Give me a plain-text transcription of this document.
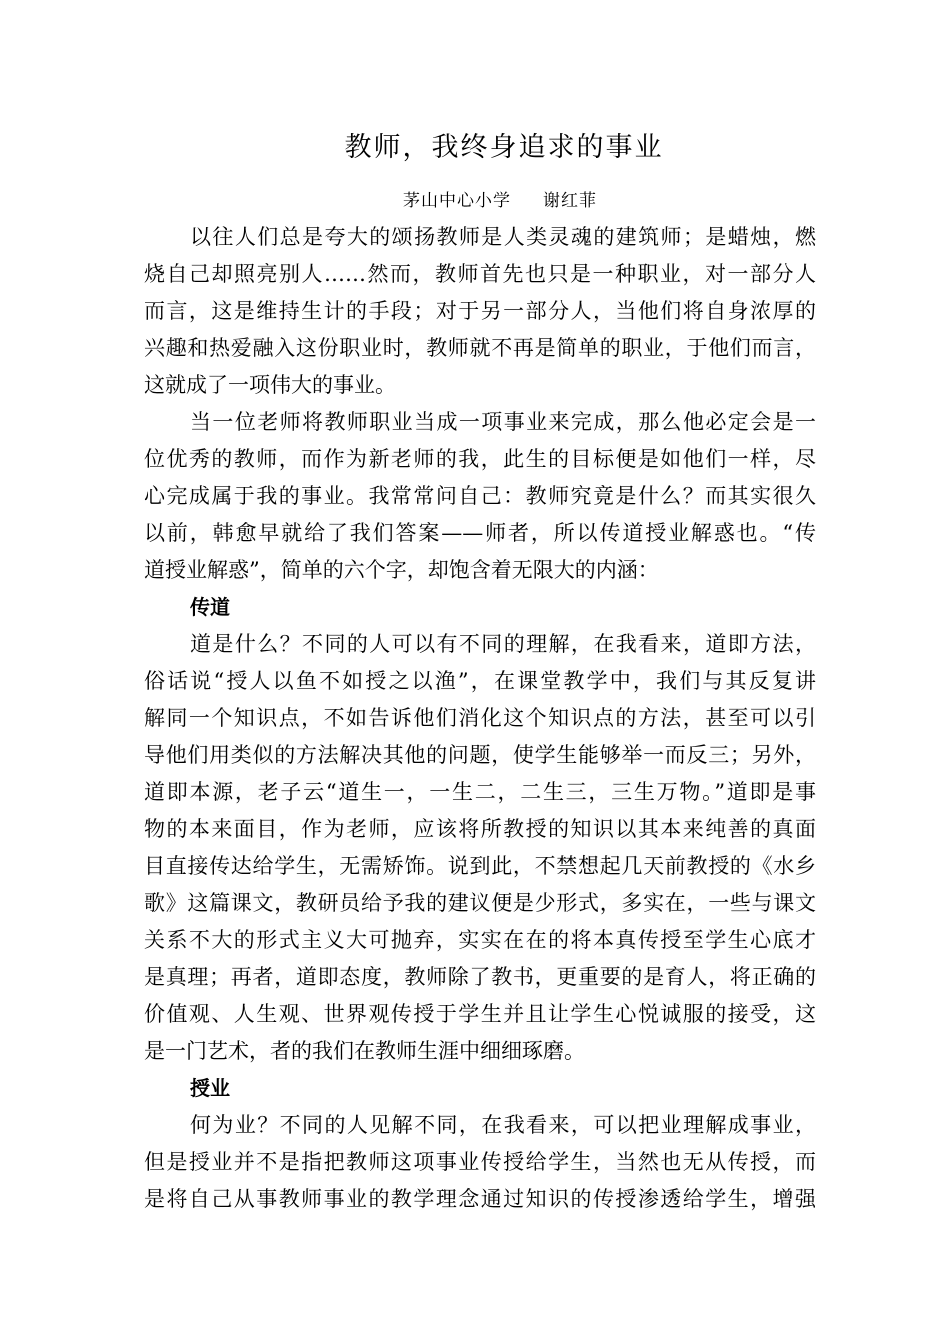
教师，我终身追求的事业
茅山中心小学     谢红菲
以往人们总是夸大的颂扬教师是人类灵魂的建筑师；是蜡烛，燃
烧自己却照亮别人……然而，教师首先也只是一种职业，对一部分人
而言，这是维持生计的手段；对于另一部分人，当他们将自身浓厚的
兴趣和热爱融入这份职业时，教师就不再是简单的职业，于他们而言，
这就成了一项伟大的事业。
当一位老师将教师职业当成一项事业来完成，那么他必定会是一
位优秀的教师，而作为新老师的我，此生的目标便是如他们一样，尽
心完成属于我的事业。我常常问自己：教师究竟是什么？而其实很久
以前，韩愈早就给了我们答案——师者，所以传道授业解惑也。“传
道授业解惑”，简单的六个字，却饱含着无限大的内涵：
传道
道是什么？不同的人可以有不同的理解，在我看来，道即方法，
俗话说“授人以鱼不如授之以渔”，在课堂教学中，我们与其反复讲
解同一个知识点，不如告诉他们消化这个知识点的方法，甚至可以引
导他们用类似的方法解决其他的问题，使学生能够举一而反三；另外，
道即本源，老子云“道生一，一生二，二生三，三生万物。”道即是事
物的本来面目，作为老师，应该将所教授的知识以其本来纯善的真面
目直接传达给学生，无需矫饰。说到此，不禁想起几天前教授的《水乡
歌》这篇课文，教研员给予我的建议便是少形式，多实在，一些与课文
关系不大的形式主义大可抛弃，实实在在的将本真传授至学生心底才
是真理；再者，道即态度，教师除了教书，更重要的是育人，将正确的
价值观、人生观、世界观传授于学生并且让学生心悦诚服的接受，这
是一门艺术，者的我们在教师生涯中细细琢磨。
授业
何为业？不同的人见解不同，在我看来，可以把业理解成事业，
但是授业并不是指把教师这项事业传授给学生，当然也无从传授，而
是将自己从事教师事业的教学理念通过知识的传授渗透给学生，增强
